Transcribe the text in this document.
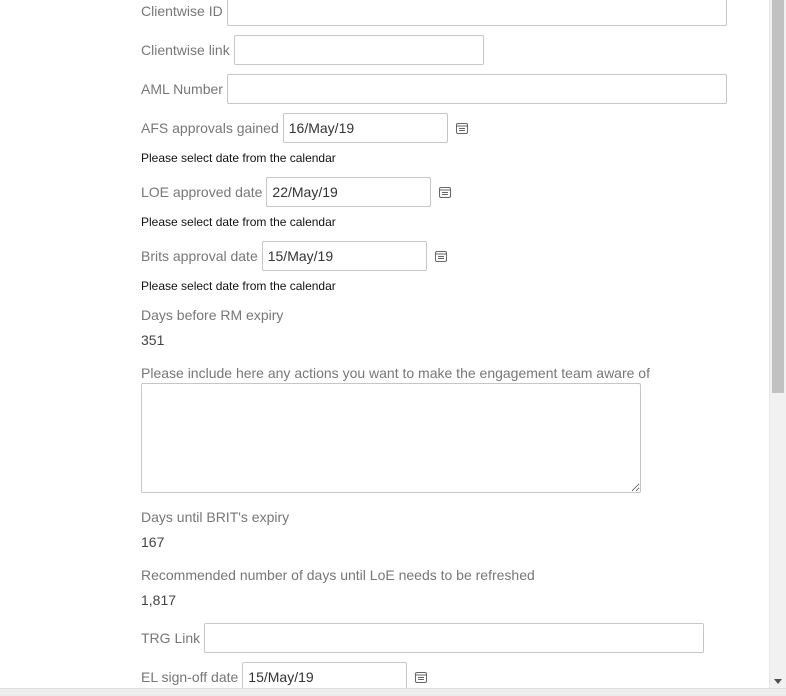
Clientwise ID
Clientwise link
AML Number
AFS approvals gained
16/May/19
Please select date from the calendar
LOE approved date
22/May/19
Please select date from the calendar
Brits approval date
15/May/19
Please select date from the calendar
Days before RM expiry
351
Please include here any actions you want to make the engagement team aware of
Days until BRIT's expiry
167
Recommended number of days until LoE needs to be refreshed
1,817
TRG Link
EL sign-off date
15/May/19
